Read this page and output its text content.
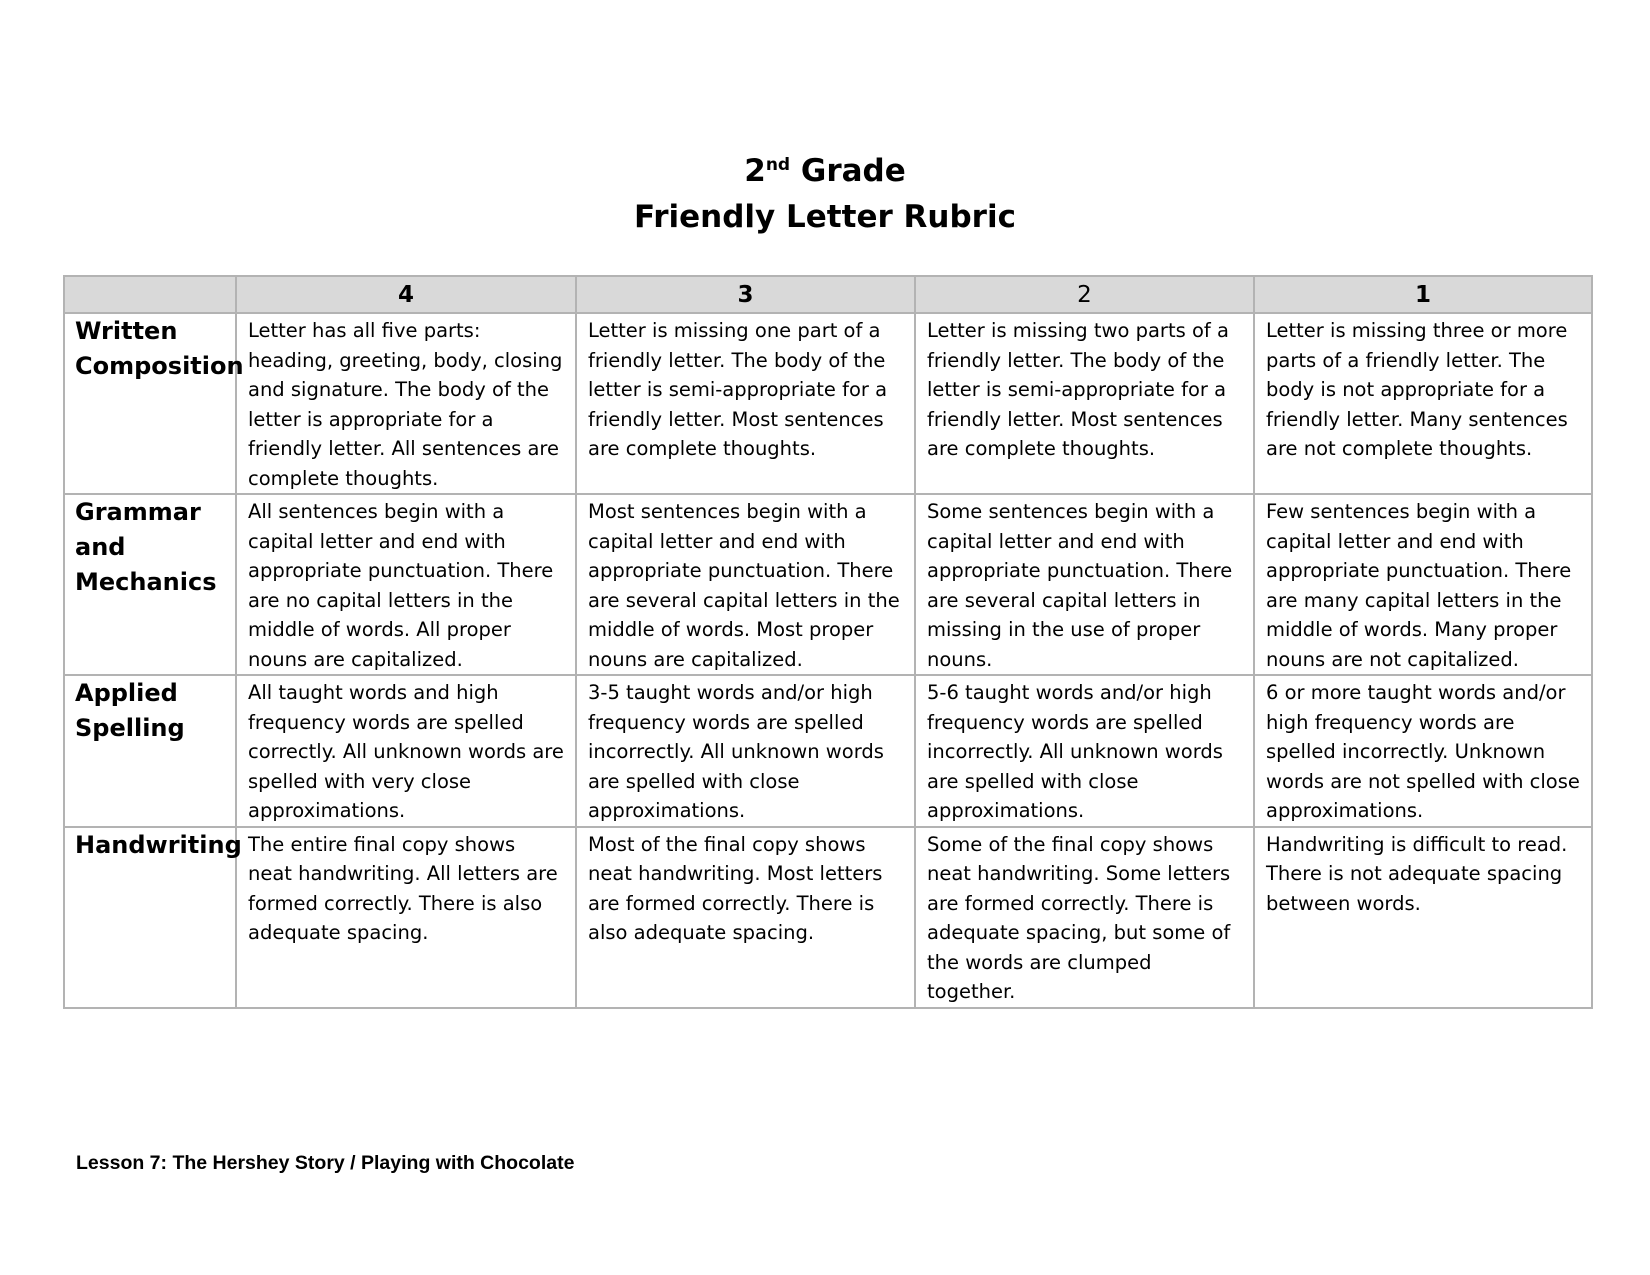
2nd Grade
Friendly Letter Rubric
	4	3	2	1
Written Composition	Letter has all five parts: heading, greeting, body, closing and signature. The body of the letter is appropriate for a friendly letter. All sentences are complete thoughts.	Letter is missing one part of a friendly letter. The body of the letter is semi-appropriate for a friendly letter. Most sentences are complete thoughts.	Letter is missing two parts of a friendly letter. The body of the letter is semi-appropriate for a friendly letter. Most sentences are complete thoughts.	Letter is missing three or more parts of a friendly letter. The body is not appropriate for a friendly letter. Many sentences are not complete thoughts.
Grammar and Mechanics	All sentences begin with a capital letter and end with appropriate punctuation. There are no capital letters in the middle of words. All proper nouns are capitalized.	Most sentences begin with a capital letter and end with appropriate punctuation. There are several capital letters in the middle of words. Most proper nouns are capitalized.	Some sentences begin with a capital letter and end with appropriate punctuation. There are several capital letters in missing in the use of proper nouns.	Few sentences begin with a capital letter and end with appropriate punctuation. There are many capital letters in the middle of words. Many proper nouns are not capitalized.
Applied Spelling	All taught words and high frequency words are spelled correctly. All unknown words are spelled with very close approximations.	3-5 taught words and/or high frequency words are spelled incorrectly. All unknown words are spelled with close approximations.	5-6 taught words and/or high frequency words are spelled incorrectly. All unknown words are spelled with close approximations.	6 or more taught words and/or high frequency words are spelled incorrectly. Unknown words are not spelled with close approximations.
Handwriting	The entire final copy shows neat handwriting. All letters are formed correctly. There is also adequate spacing.	Most of the final copy shows neat handwriting. Most letters are formed correctly. There is also adequate spacing.	Some of the final copy shows neat handwriting. Some letters are formed correctly. There is adequate spacing, but some of the words are clumped together.	Handwriting is difficult to read. There is not adequate spacing between words.
Lesson 7: The Hershey Story / Playing with Chocolate
